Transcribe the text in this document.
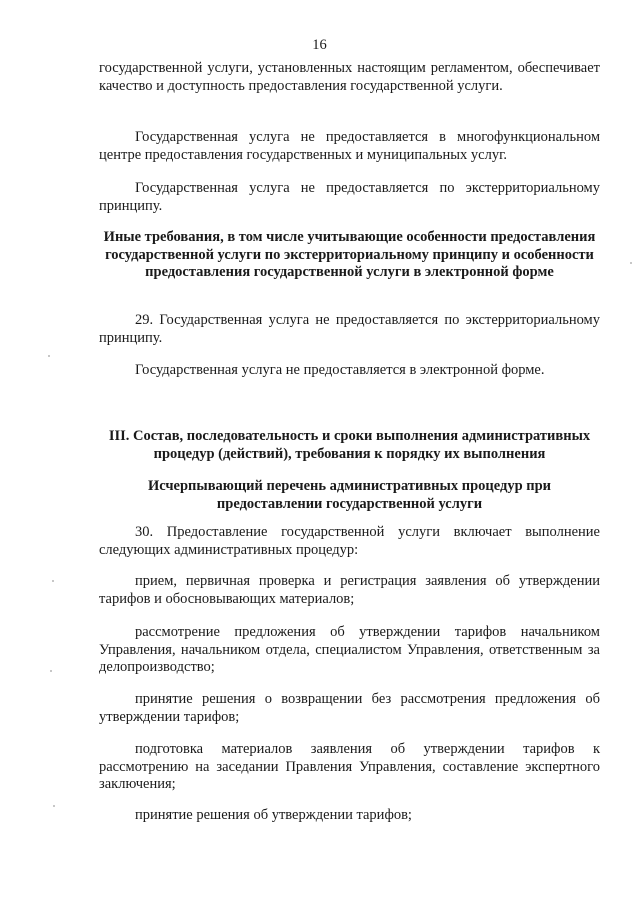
16

государственной услуги, установленных настоящим регламентом, обеспечивает качество и доступность предоставления государственной услуги.

Государственная услуга не предоставляется в многофункциональном центре предоставления государственных и муниципальных услуг.

Государственная услуга не предоставляется по экстерриториальному принципу.

Иные требования, в том числе учитывающие особенности предоставления государственной услуги по экстерриториальному принципу и особенности предоставления государственной услуги в электронной форме

29. Государственная услуга не предоставляется по экстерриториальному принципу.

Государственная услуга не предоставляется в электронной форме.

III. Состав, последовательность и сроки выполнения административных процедур (действий), требования к порядку их выполнения
Исчерпывающий перечень административных процедур при предоставлении государственной услуги

30. Предоставление государственной услуги включает выполнение следующих административных процедур:

прием, первичная проверка и регистрация заявления об утверждении тарифов и обосновывающих материалов;

рассмотрение предложения об утверждении тарифов начальником Управления, начальником отдела, специалистом Управления, ответственным за делопроизводство;

принятие решения о возвращении без рассмотрения предложения об утверждении тарифов;

подготовка материалов заявления об утверждении тарифов к рассмотрению на заседании Правления Управления, составление экспертного заключения;

принятие решения об утверждении тарифов;
